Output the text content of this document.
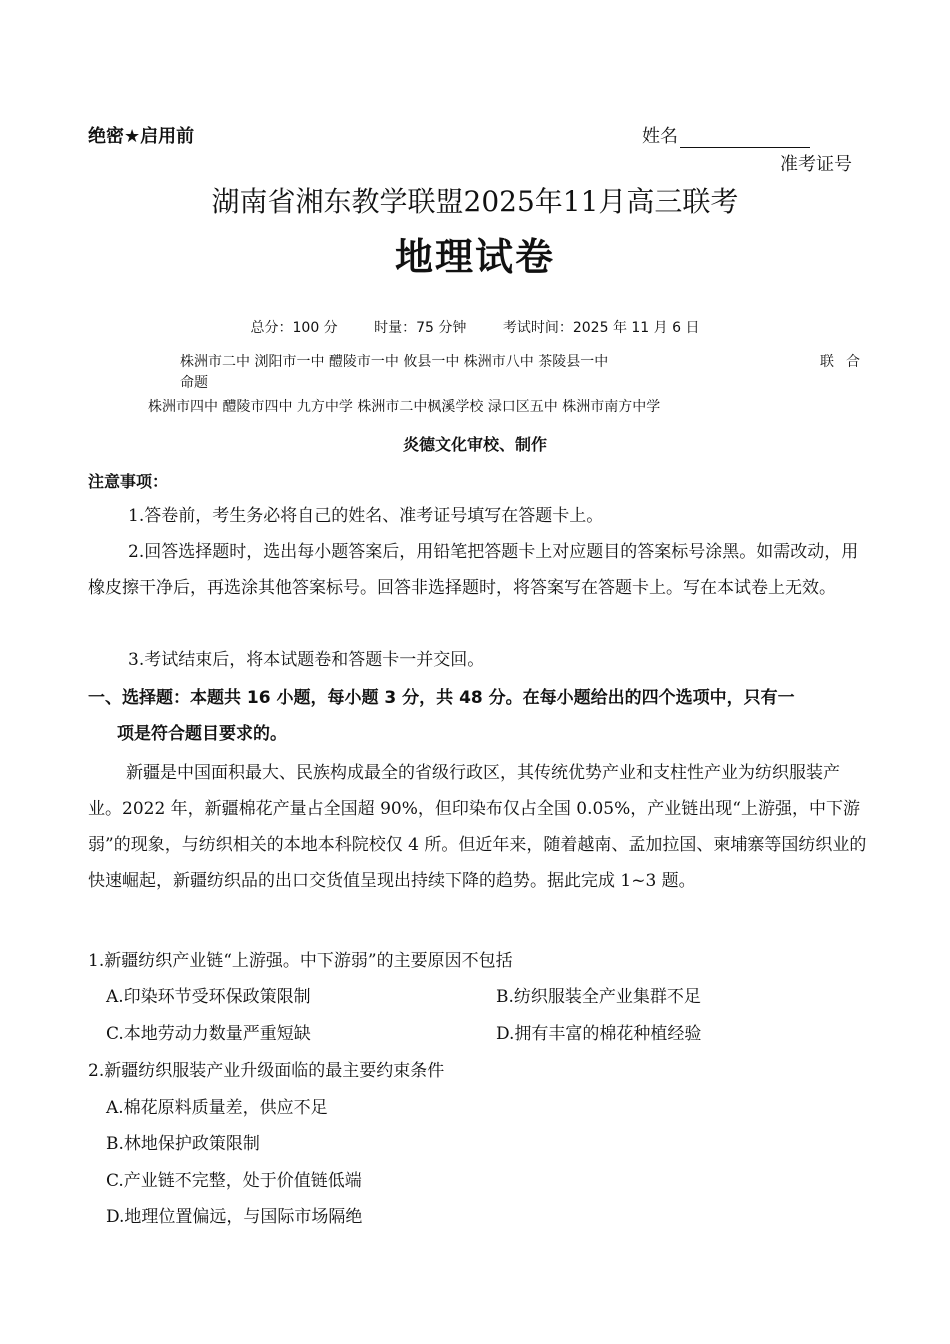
绝密★启用前	姓名
准考证号
湖南省湘东教学联盟2025年11月高三联考
地理试卷
总分：100 分	时量：75 分钟	考试时间：2025 年 11 月 6 日
株洲市二中 浏阳市一中 醴陵市一中 攸县一中 株洲市八中 茶陵县一中	联合
命题
株洲市四中 醴陵市四中 九方中学 株洲市二中枫溪学校 渌口区五中 株洲市南方中学
炎德文化审校、制作
注意事项：
1.答卷前，考生务必将自己的姓名、准考证号填写在答题卡上。
2.回答选择题时，选出每小题答案后，用铅笔把答题卡上对应题目的答案标号涂黑。如需改动，用橡皮擦干净后，再选涂其他答案标号。回答非选择题时，将答案写在答题卡上。写在本试卷上无效。
3.考试结束后，将本试题卷和答题卡一并交回。
一、选择题：本题共 16 小题，每小题 3 分，共 48 分。在每小题给出的四个选项中，只有一
项是符合题目要求的。
新疆是中国面积最大、民族构成最全的省级行政区，其传统优势产业和支柱性产业为纺织服装产业。2022 年，新疆棉花产量占全国超 90%，但印染布仅占全国 0.05%，产业链出现“上游强，中下游弱”的现象，与纺织相关的本地本科院校仅 4 所。但近年来，随着越南、孟加拉国、柬埔寨等国纺织业的快速崛起，新疆纺织品的出口交货值呈现出持续下降的趋势。据此完成 1~3 题。
1.新疆纺织产业链“上游强。中下游弱”的主要原因不包括
A.印染环节受环保政策限制	B.纺织服装全产业集群不足
C.本地劳动力数量严重短缺	D.拥有丰富的棉花种植经验
2.新疆纺织服装产业升级面临的最主要约束条件
A.棉花原料质量差，供应不足
B.林地保护政策限制
C.产业链不完整，处于价值链低端
D.地理位置偏远，与国际市场隔绝
